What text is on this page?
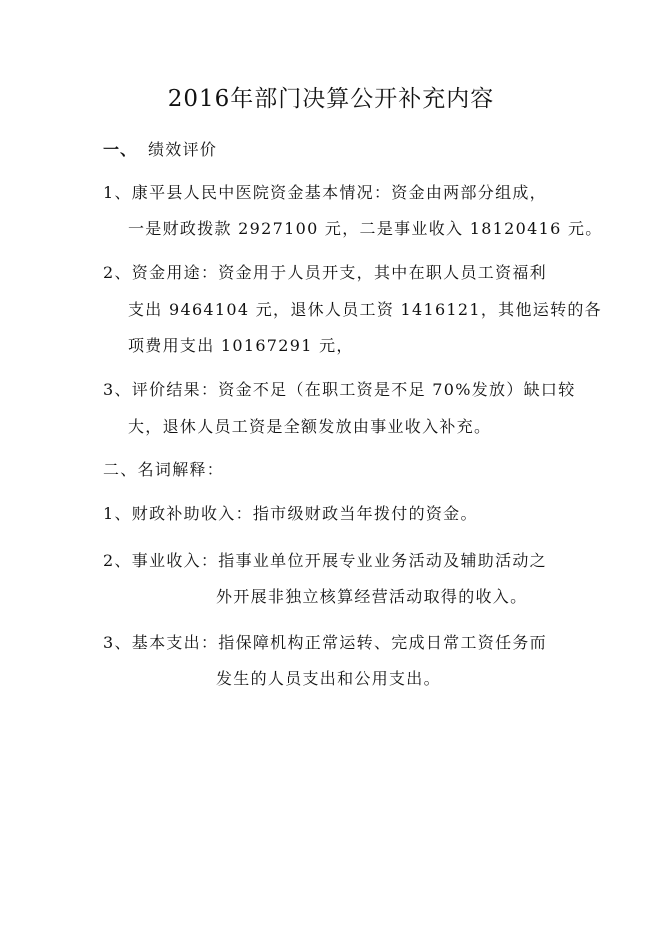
2016年部门决算公开补充内容
一、 绩效评价
1、康平县人民中医院资金基本情况：资金由两部分组成，
一是财政拨款 2927100 元，二是事业收入 18120416 元。
2、资金用途：资金用于人员开支，其中在职人员工资福利
支出 9464104 元，退休人员工资 1416121，其他运转的各
项费用支出 10167291 元，
3、评价结果：资金不足（在职工资是不足 70%发放）缺口较
大，退休人员工资是全额发放由事业收入补充。
二、名词解释：
1、财政补助收入：指市级财政当年拨付的资金。
2、事业收入：指事业单位开展专业业务活动及辅助活动之
外开展非独立核算经营活动取得的收入。
3、基本支出：指保障机构正常运转、完成日常工资任务而
发生的人员支出和公用支出。
